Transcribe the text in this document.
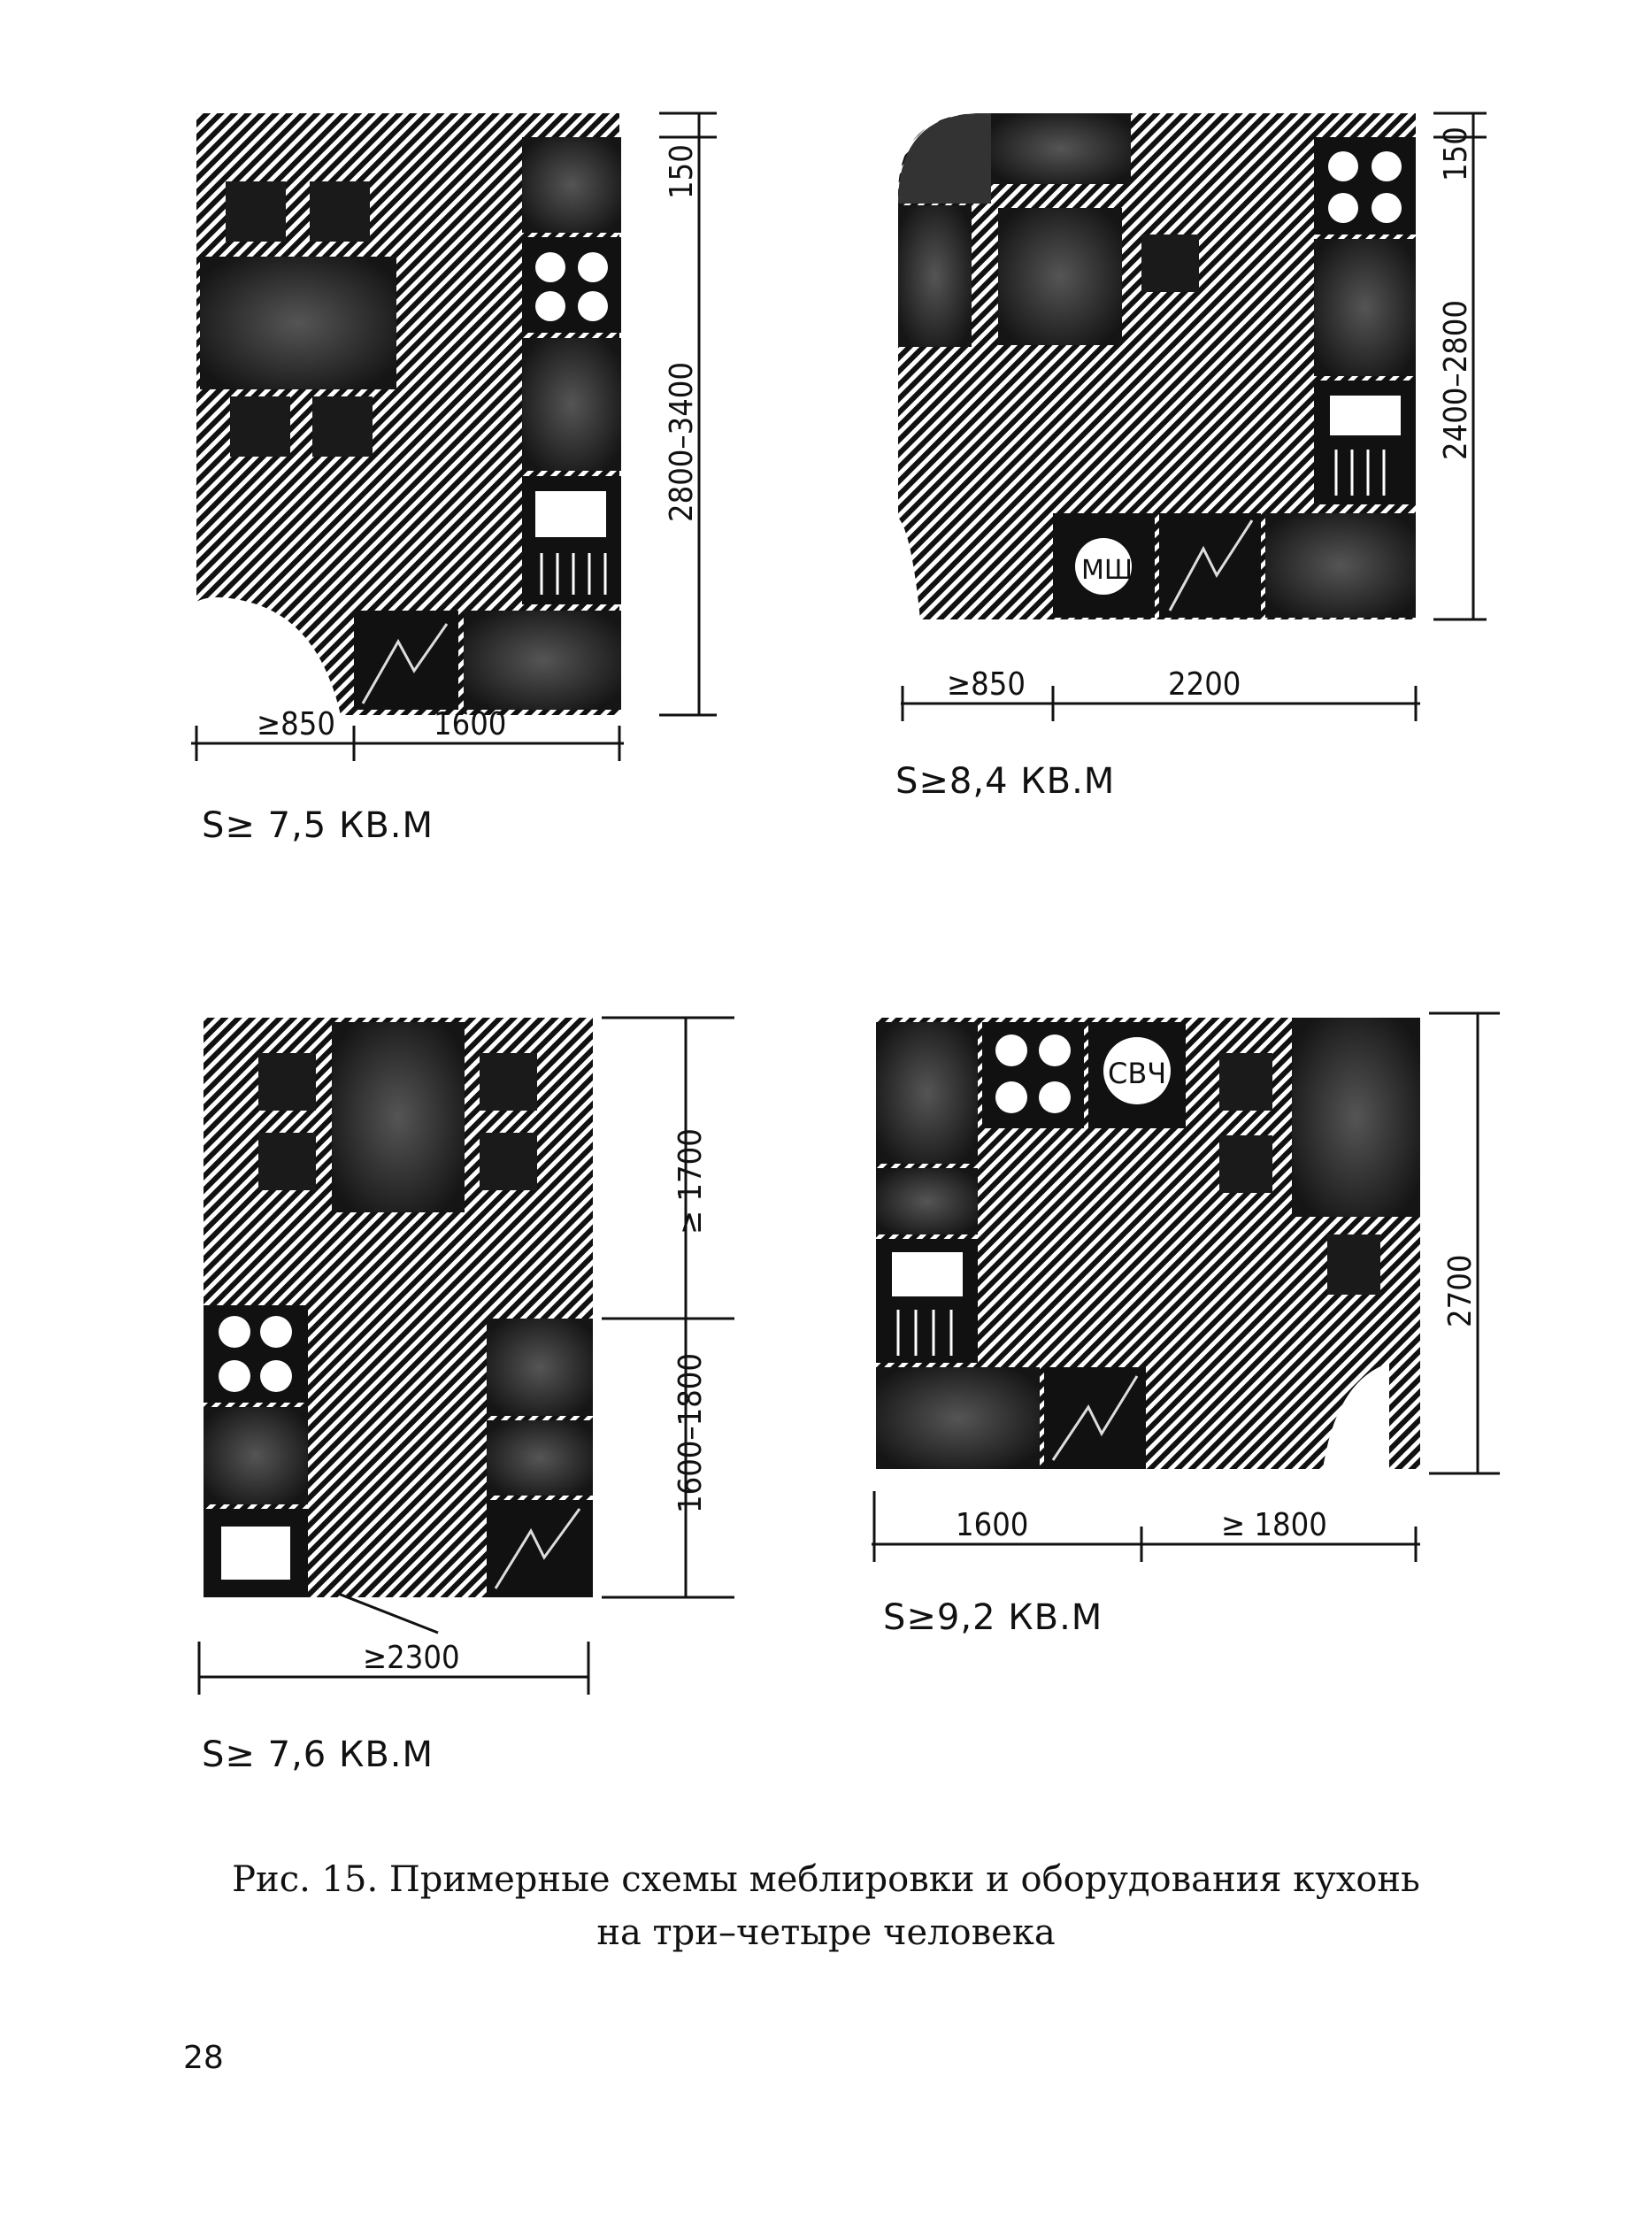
≥850	1600
150
2800–3400
МШ
≥850	2200
150
2400–2800
≥2300
≥ 1700
1600–1800
СВЧ
1600	≥ 1800
2700
S≥ 7,5 КВ.М
S≥8,4 КВ.М
S≥ 7,6 КВ.М
S≥9,2 КВ.М
Рис. 15. Примерные схемы меблировки и оборудования кухонь
на три–четыре человека
28
